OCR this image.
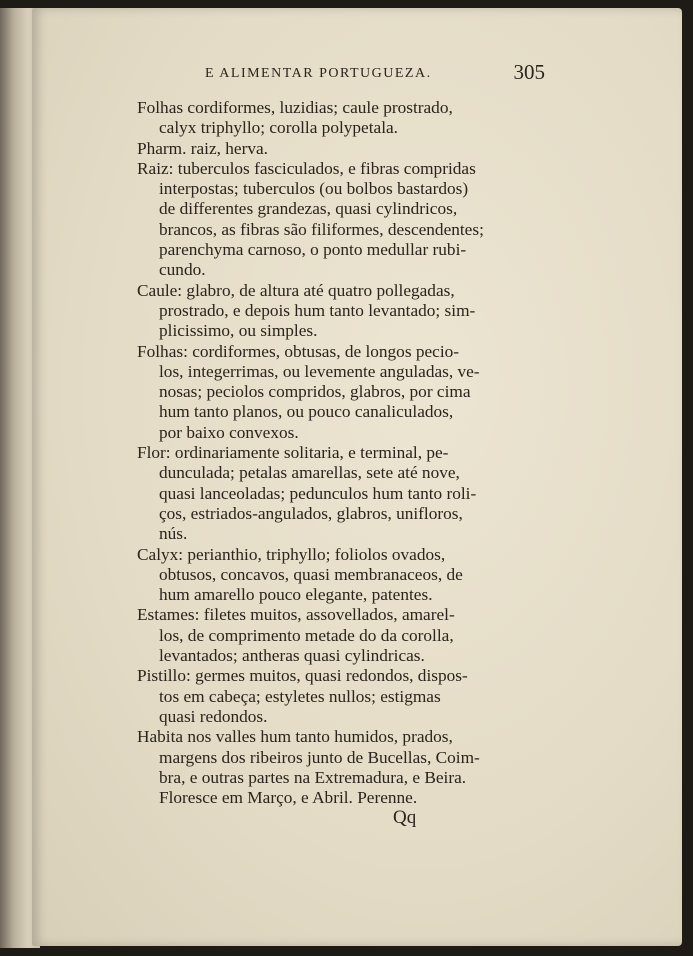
E ALIMENTAR PORTUGUEZA.	305
Folhas cordiformes, luzidias; caule prostrado,
calyx triphyllo; corolla polypetala.
Pharm. raiz, herva.
Raiz: tuberculos fasciculados, e fibras compridas
interpostas; tuberculos (ou bolbos bastardos)
de differentes grandezas, quasi cylindricos,
brancos, as fibras são filiformes, descendentes;
parenchyma carnoso, o ponto medullar rubi-
cundo.
Caule: glabro, de altura até quatro pollegadas,
prostrado, e depois hum tanto levantado; sim-
plicissimo, ou simples.
Folhas: cordiformes, obtusas, de longos pecio-
los, integerrimas, ou levemente anguladas, ve-
nosas; peciolos compridos, glabros, por cima
hum tanto planos, ou pouco canaliculados,
por baixo convexos.
Flor: ordinariamente solitaria, e terminal, pe-
dunculada; petalas amarellas, sete até nove,
quasi lanceoladas; pedunculos hum tanto roli-
ços, estriados-angulados, glabros, unifloros,
nús.
Calyx: perianthio, triphyllo; foliolos ovados,
obtusos, concavos, quasi membranaceos, de
hum amarello pouco elegante, patentes.
Estames: filetes muitos, assovellados, amarel-
los, de comprimento metade do da corolla,
levantados; antheras quasi cylindricas.
Pistillo: germes muitos, quasi redondos, dispos-
tos em cabeça; estyletes nullos; estigmas
quasi redondos.
Habita nos valles hum tanto humidos, prados,
margens dos ribeiros junto de Bucellas, Coim-
bra, e outras partes na Extremadura, e Beira.
Floresce em Março, e Abril. Perenne.
Qq
